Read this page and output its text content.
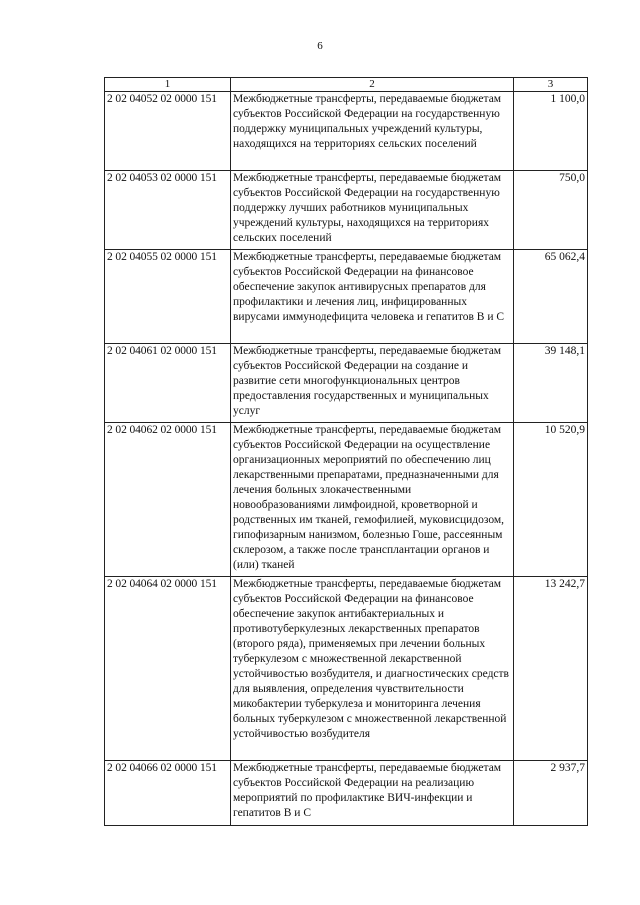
6
1	2	3
2 02 04052 02 0000 151	Межбюджетные трансферты, передаваемые бюджетам субъектов Российской Федерации на государственную поддержку муниципальных учреждений культуры, находящихся на территориях сельских поселений	1 100,0
2 02 04053 02 0000 151	Межбюджетные трансферты, передаваемые бюджетам субъектов Российской Федерации на государственную поддержку лучших работников муниципальных учреждений культуры, находящихся на территориях сельских поселений	750,0
2 02 04055 02 0000 151	Межбюджетные трансферты, передаваемые бюджетам субъектов Российской Федерации на финансовое обеспечение закупок антивирусных препаратов для профилактики и лечения лиц, инфицированных вирусами иммунодефицита человека и гепатитов В и С	65 062,4
2 02 04061 02 0000 151	Межбюджетные трансферты, передаваемые бюджетам субъектов Российской Федерации на создание и развитие сети многофункциональных центров предоставления государственных и муниципальных услуг	39 148,1
2 02 04062 02 0000 151	Межбюджетные трансферты, передаваемые бюджетам субъектов Российской Федерации на осуществление организационных мероприятий по обеспечению лиц лекарственными препаратами, предназначенными для лечения больных злокачественными новообразованиями лимфоидной, кроветворной и родственных им тканей, гемофилией, муковисцидозом, гипофизарным нанизмом, болезнью Гоше, рассеянным склерозом, а также после трансплантации органов и (или) тканей	10 520,9
2 02 04064 02 0000 151	Межбюджетные трансферты, передаваемые бюджетам субъектов Российской Федерации на финансовое обеспечение закупок антибактериальных и противотуберкулезных лекарственных препаратов (второго ряда), применяемых при лечении больных туберкулезом с множественной лекарственной устойчивостью возбудителя, и диагностических средств для выявления, определения чувствительности микобактерии туберкулеза и мониторинга лечения больных туберкулезом с множественной лекарственной устойчивостью возбудителя	13 242,7
2 02 04066 02 0000 151	Межбюджетные трансферты, передаваемые бюджетам субъектов Российской Федерации на реализацию мероприятий по профилактике ВИЧ-инфекции и гепатитов В и С	2 937,7
